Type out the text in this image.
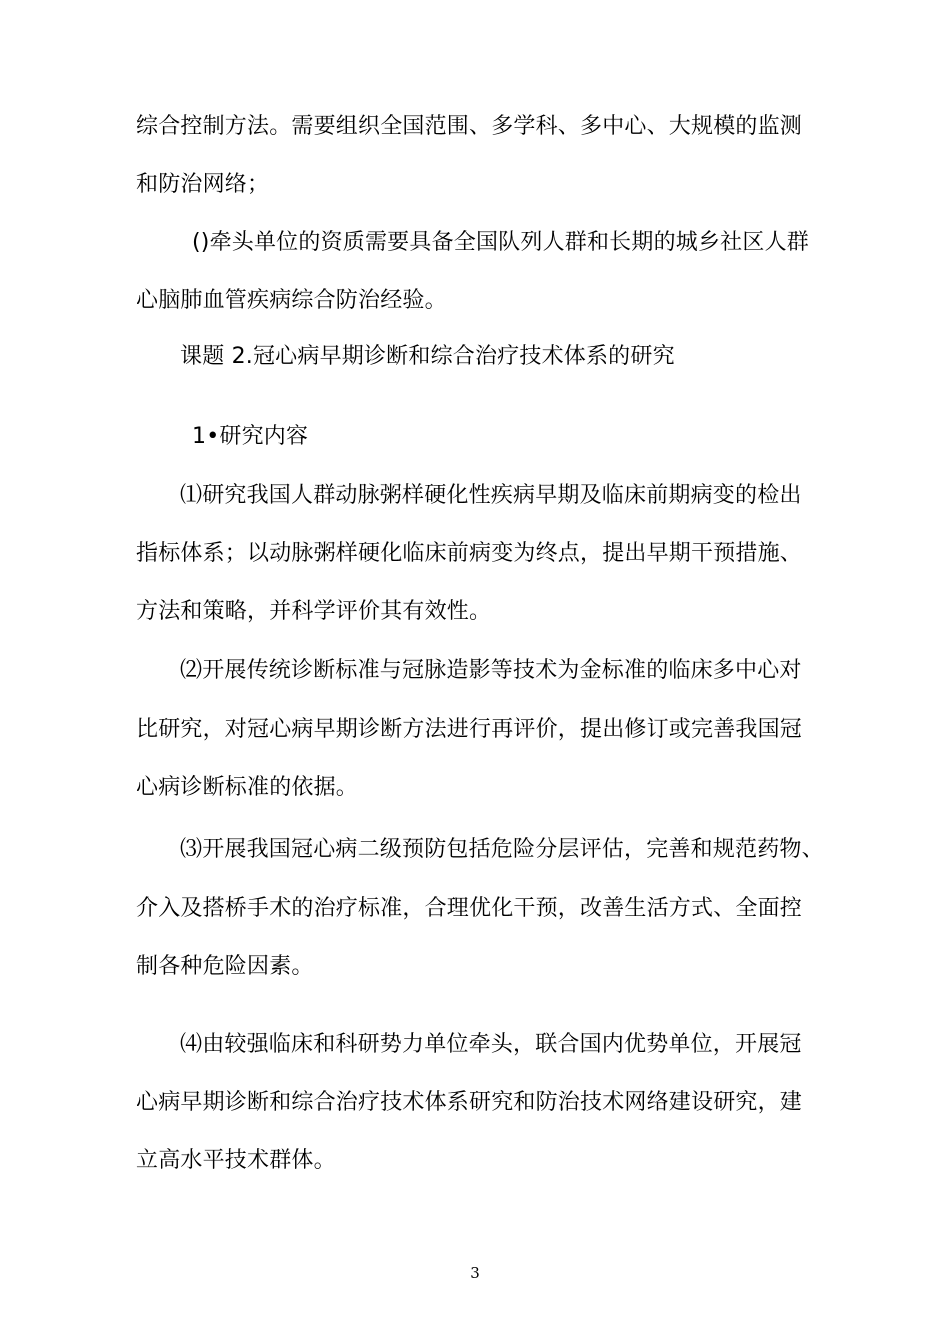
综合控制方法。需要组织全国范围、多学科、多中心、大规模的监测
和防治网络；
()牵头单位的资质需要具备全国队列人群和长期的城乡社区人群
心脑肺血管疾病综合防治经验。
课题 2.冠心病早期诊断和综合治疗技术体系的研究
1•研究内容
⑴研究我国人群动脉粥样硬化性疾病早期及临床前期病变的检出
指标体系；以动脉粥样硬化临床前病变为终点，提出早期干预措施、
方法和策略，并科学评价其有效性。
⑵开展传统诊断标准与冠脉造影等技术为金标准的临床多中心对
比研究，对冠心病早期诊断方法进行再评价，提出修订或完善我国冠
心病诊断标准的依据。
⑶开展我国冠心病二级预防包括危险分层评估，完善和规范药物、
介入及搭桥手术的治疗标准，合理优化干预，改善生活方式、全面控
制各种危险因素。
⑷由较强临床和科研势力单位牵头，联合国内优势单位，开展冠
心病早期诊断和综合治疗技术体系研究和防治技术网络建设研究，建
立高水平技术群体。
3
